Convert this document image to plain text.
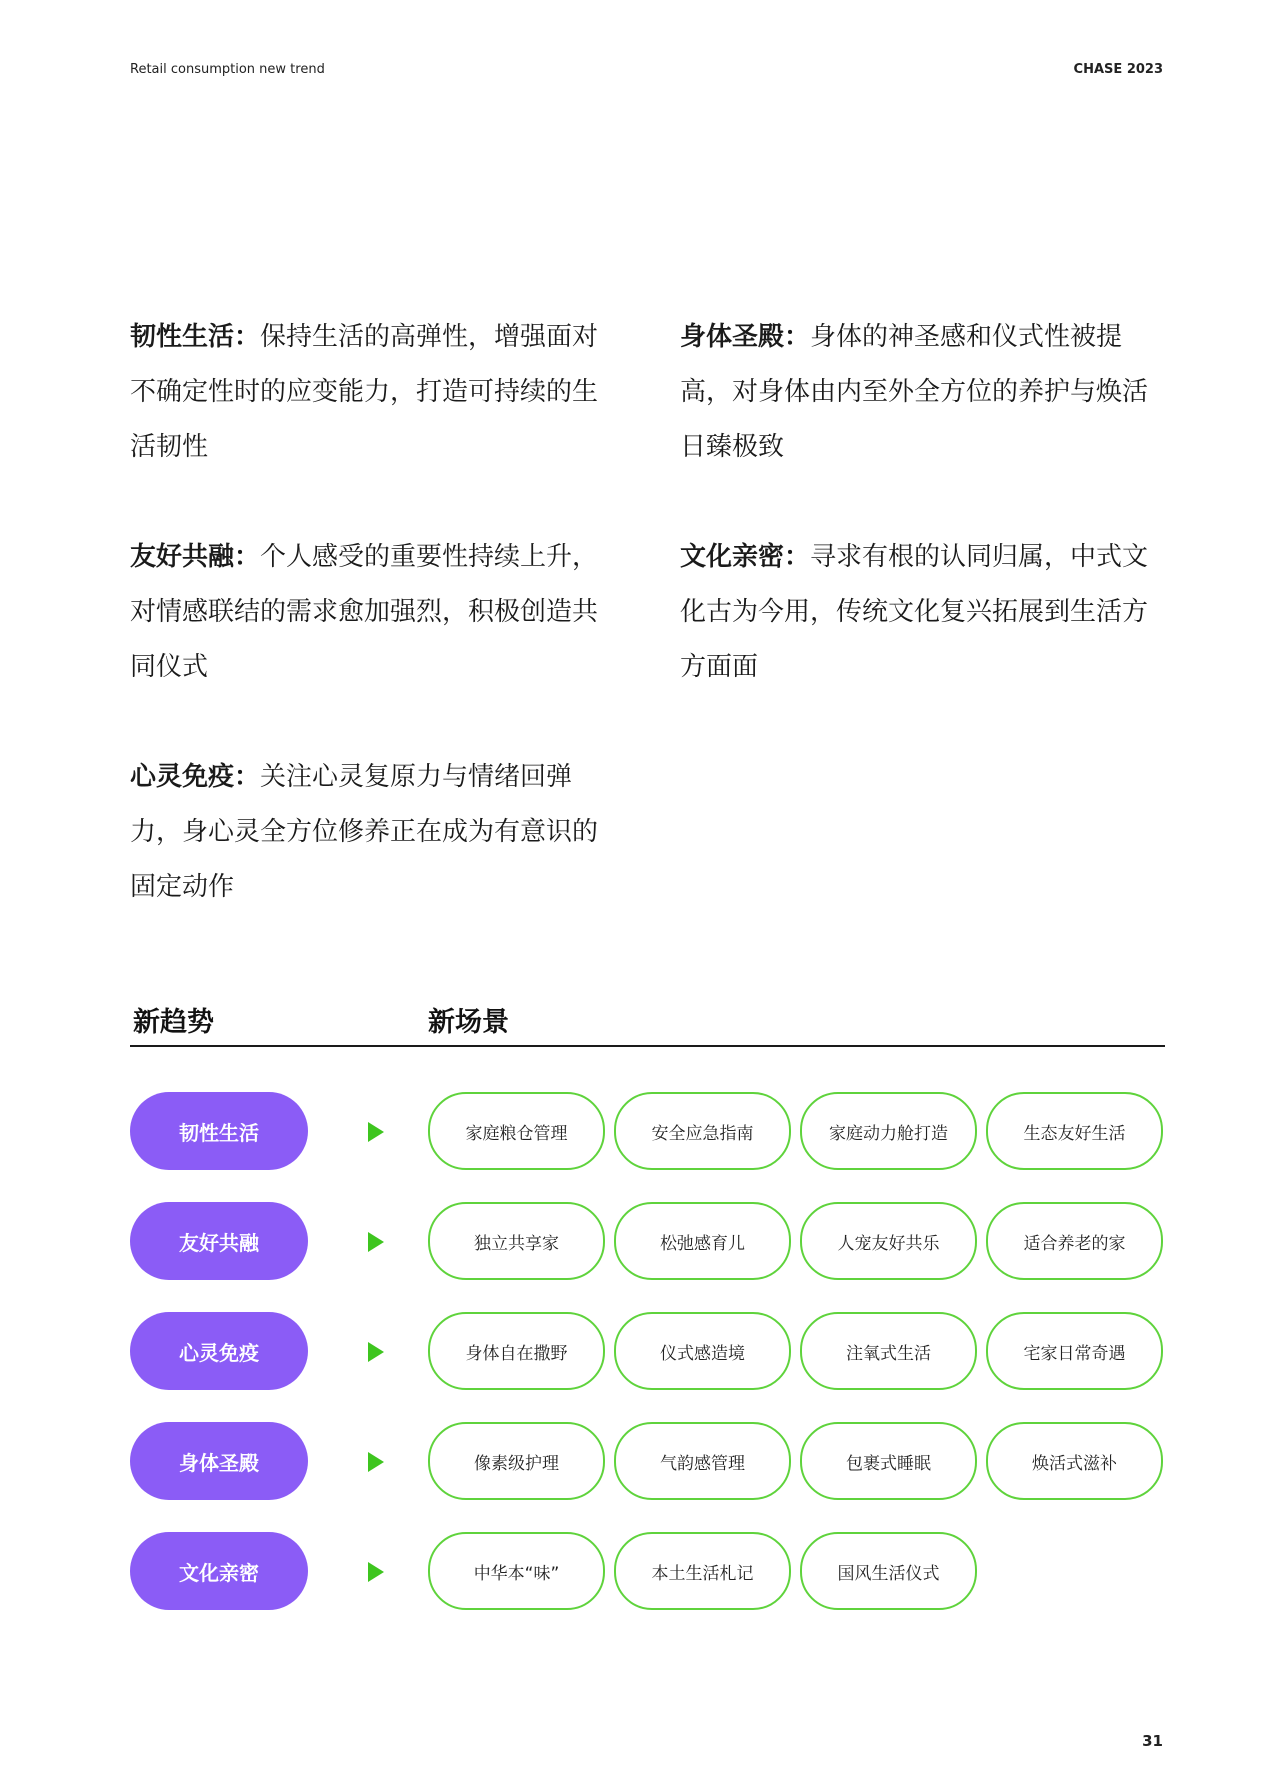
Retail consumption new trend	CHASE 2023
韧性生活：保持生活的高弹性，增强面对不确定性时的应变能力，打造可持续的生活韧性
身体圣殿：身体的神圣感和仪式性被提高，对身体由内至外全方位的养护与焕活日臻极致
友好共融：个人感受的重要性持续上升，对情感联结的需求愈加强烈，积极创造共同仪式
文化亲密：寻求有根的认同归属，中式文化古为今用，传统文化复兴拓展到生活方方面面
心灵免疫：关注心灵复原力与情绪回弹力，身心灵全方位修养正在成为有意识的固定动作
新趋势	新场景
韧性生活	家庭粮仓管理	安全应急指南	家庭动力舱打造	生态友好生活
友好共融	独立共享家	松弛感育儿	人宠友好共乐	适合养老的家
心灵免疫	身体自在撒野	仪式感造境	注氧式生活	宅家日常奇遇
身体圣殿	像素级护理	气韵感管理	包裹式睡眠	焕活式滋补
文化亲密	中华本“味”	本土生活札记	国风生活仪式
31
